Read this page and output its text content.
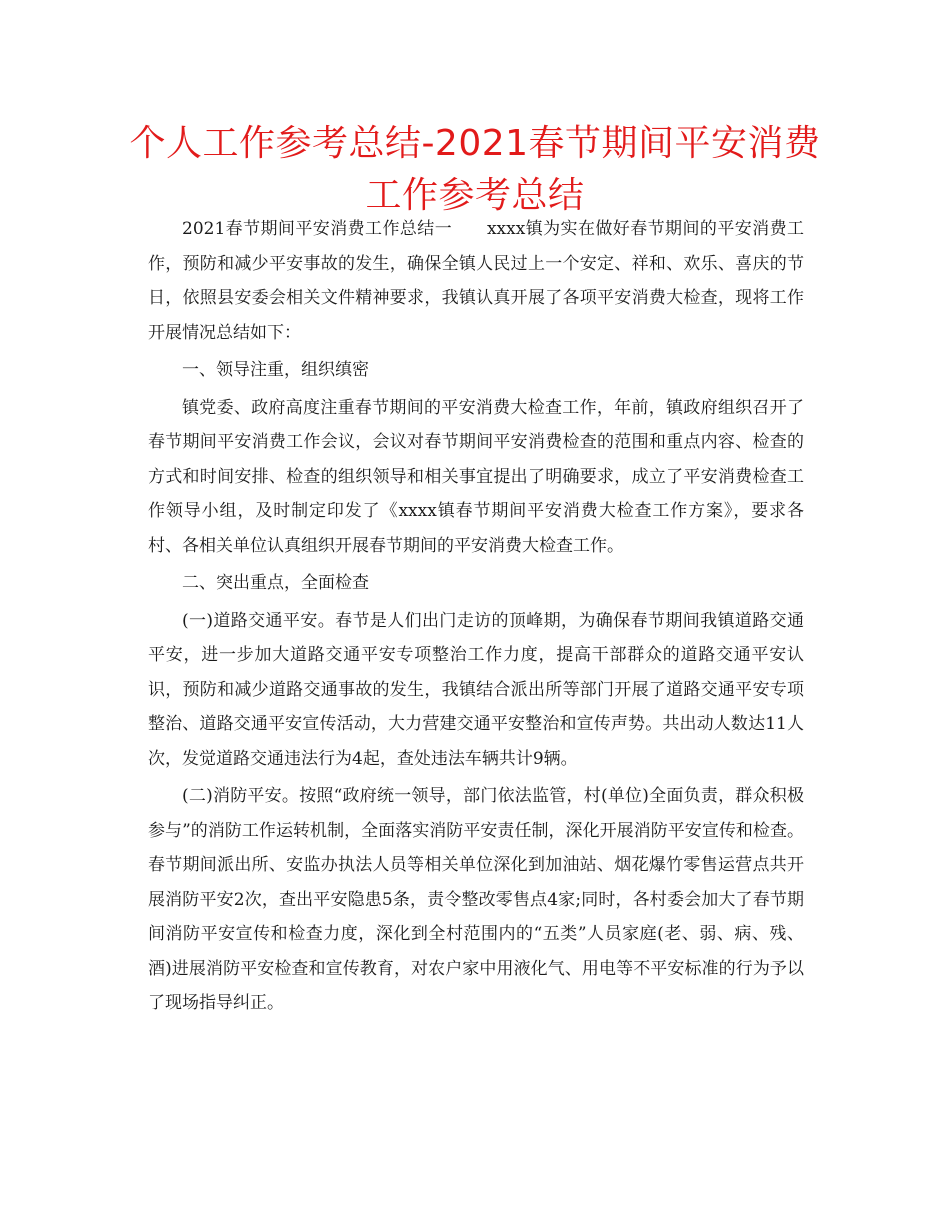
个人工作参考总结-2021春节期间平安消费工作参考总结

2021春节期间平安消费工作总结一　　xxxx镇为实在做好春节期间的平安消费工作，预防和减少平安事故的发生，确保全镇人民过上一个安定、祥和、欢乐、喜庆的节日，依照县安委会相关文件精神要求，我镇认真开展了各项平安消费大检查，现将工作开展情况总结如下：

一、领导注重，组织缜密

镇党委、政府高度注重春节期间的平安消费大检查工作，年前，镇政府组织召开了春节期间平安消费工作会议，会议对春节期间平安消费检查的范围和重点内容、检查的方式和时间安排、检查的组织领导和相关事宜提出了明确要求，成立了平安消费检查工作领导小组，及时制定印发了《xxxx镇春节期间平安消费大检查工作方案》，要求各村、各相关单位认真组织开展春节期间的平安消费大检查工作。

二、突出重点，全面检查

(一)道路交通平安。春节是人们出门走访的顶峰期，为确保春节期间我镇道路交通平安，进一步加大道路交通平安专项整治工作力度，提高干部群众的道路交通平安认识，预防和减少道路交通事故的发生，我镇结合派出所等部门开展了道路交通平安专项整治、道路交通平安宣传活动，大力营建交通平安整治和宣传声势。共出动人数达11人次，发觉道路交通违法行为4起，查处违法车辆共计9辆。

(二)消防平安。按照“政府统一领导，部门依法监管，村(单位)全面负责，群众积极参与”的消防工作运转机制，全面落实消防平安责任制，深化开展消防平安宣传和检查。春节期间派出所、安监办执法人员等相关单位深化到加油站、烟花爆竹零售运营点共开展消防平安2次，查出平安隐患5条，责令整改零售点4家;同时，各村委会加大了春节期间消防平安宣传和检查力度，深化到全村范围内的“五类”人员家庭(老、弱、病、残、酒)进展消防平安检查和宣传教育，对农户家中用液化气、用电等不平安标准的行为予以了现场指导纠正。
